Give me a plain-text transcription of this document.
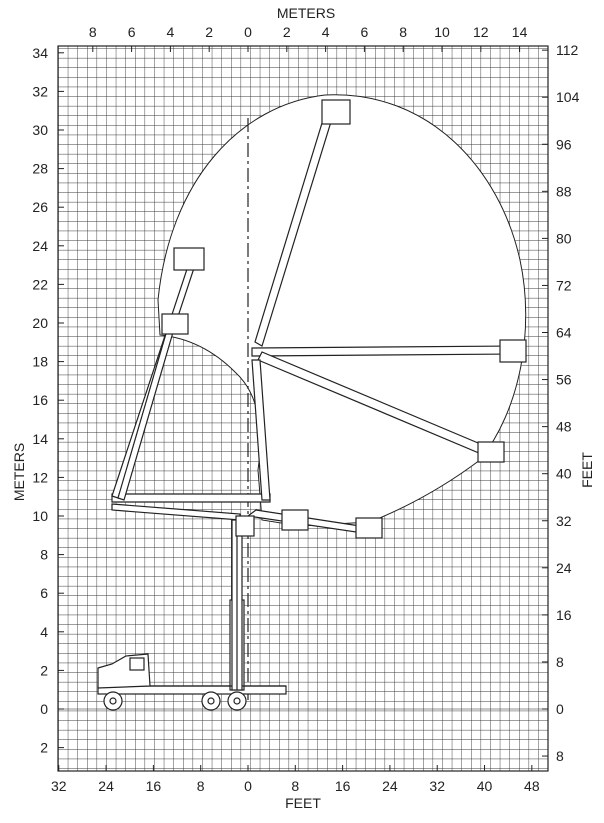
8 6 4 2 0 2 4 6 8 10 12 14
34
32
30
28
26
24
22
20
18
16
14
12
10
8
6
4
2
0
2
112
104
96
88
80
72
64
56
48
40
32
24
16
8
0
8
32 24 16	8	0	8	16 24 32 40 48
METERS
FEET
METERS	FEET
